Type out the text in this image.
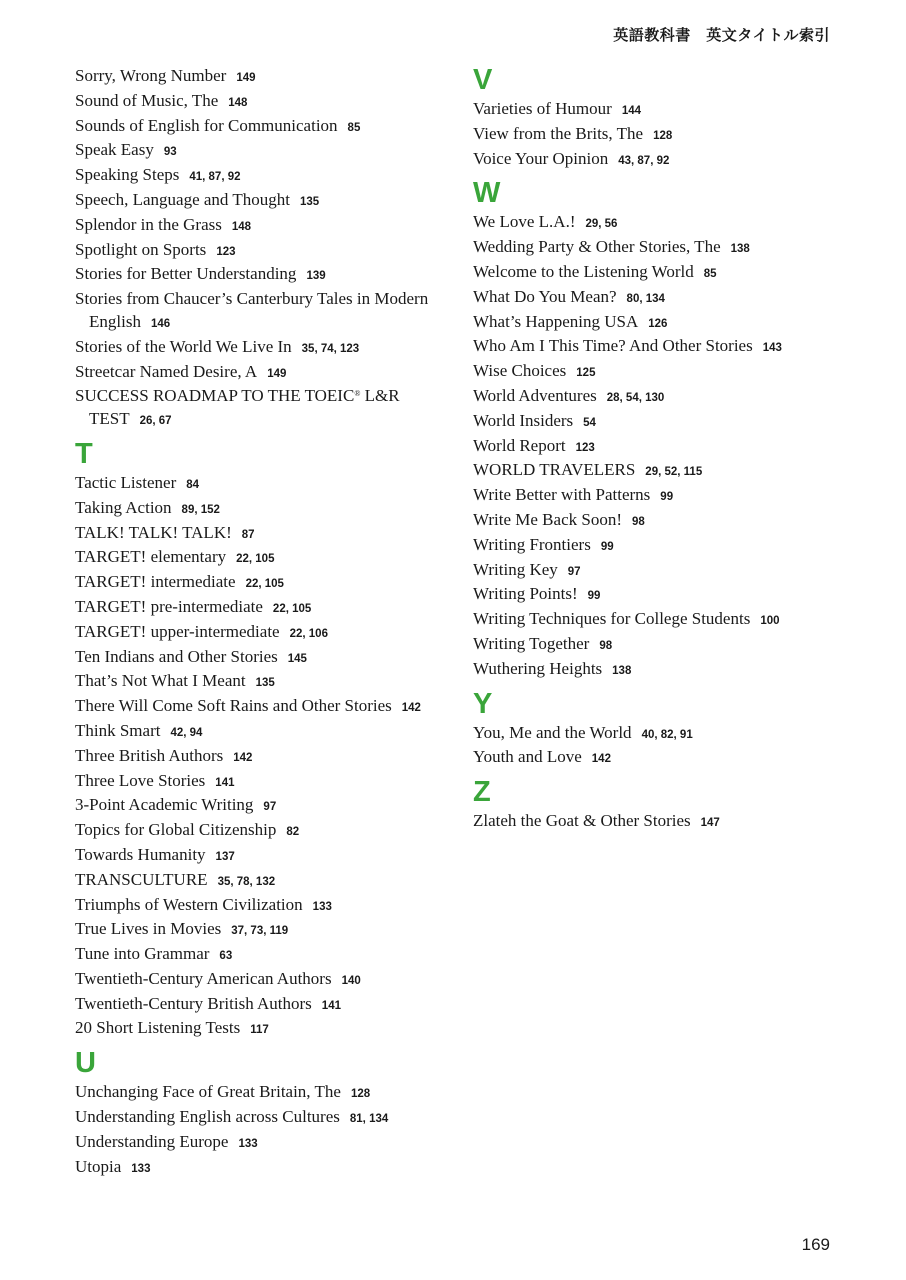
英語教科書　英文タイトル索引
Sorry, Wrong Number 149
Sound of Music, The 148
Sounds of English for Communication 85
Speak Easy 93
Speaking Steps 41, 87, 92
Speech, Language and Thought 135
Splendor in the Grass 148
Spotlight on Sports 123
Stories for Better Understanding 139
Stories from Chaucer’s Canterbury Tales in Modern English 146
Stories of the World We Live In 35, 74, 123
Streetcar Named Desire, A 149
SUCCESS ROADMAP TO THE TOEIC® L&R TEST 26, 67
T
Tactic Listener 84
Taking Action 89, 152
TALK! TALK! TALK! 87
TARGET! elementary 22, 105
TARGET! intermediate 22, 105
TARGET! pre-intermediate 22, 105
TARGET! upper-intermediate 22, 106
Ten Indians and Other Stories 145
That’s Not What I Meant 135
There Will Come Soft Rains and Other Stories 142
Think Smart 42, 94
Three British Authors 142
Three Love Stories 141
3-Point Academic Writing 97
Topics for Global Citizenship 82
Towards Humanity 137
TRANSCULTURE 35, 78, 132
Triumphs of Western Civilization 133
True Lives in Movies 37, 73, 119
Tune into Grammar 63
Twentieth-Century American Authors 140
Twentieth-Century British Authors 141
20 Short Listening Tests 117
U
Unchanging Face of Great Britain, The 128
Understanding English across Cultures 81, 134
Understanding Europe 133
Utopia 133
V
Varieties of Humour 144
View from the Brits, The 128
Voice Your Opinion 43, 87, 92
W
We Love L.A.! 29, 56
Wedding Party & Other Stories, The 138
Welcome to the Listening World 85
What Do You Mean? 80, 134
What’s Happening USA 126
Who Am I This Time? And Other Stories 143
Wise Choices 125
World Adventures 28, 54, 130
World Insiders 54
World Report 123
WORLD TRAVELERS 29, 52, 115
Write Better with Patterns 99
Write Me Back Soon! 98
Writing Frontiers 99
Writing Key 97
Writing Points! 99
Writing Techniques for College Students 100
Writing Together 98
Wuthering Heights 138
Y
You, Me and the World 40, 82, 91
Youth and Love 142
Z
Zlateh the Goat & Other Stories 147
169
